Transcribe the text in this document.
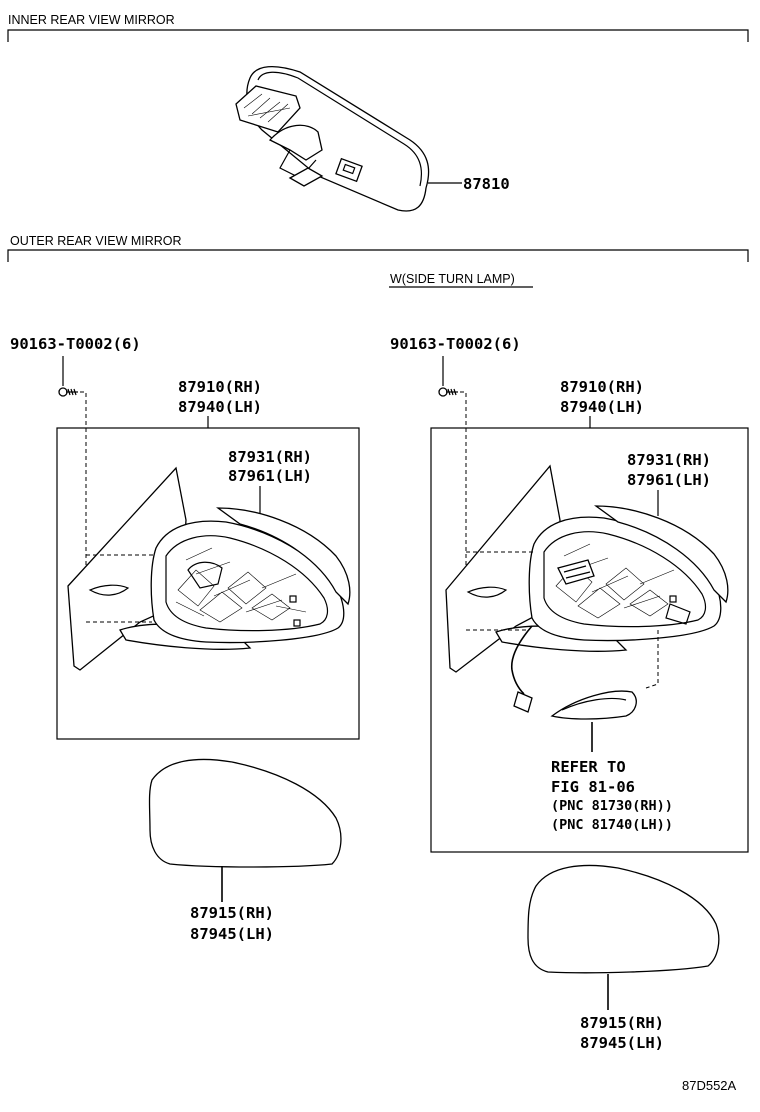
INNER REAR VIEW MIRROR
87810
OUTER REAR VIEW MIRROR
W(SIDE TURN LAMP)
90163-T0002(6)
87910(RH)
87940(LH)
87931(RH)
87961(LH)
87915(RH)
87945(LH)
90163-T0002(6)
87910(RH)
87940(LH)
87931(RH)
87961(LH)
REFER TO
FIG 81-06
(PNC 81730(RH))
(PNC 81740(LH))
87915(RH)
87945(LH)
87D552A
